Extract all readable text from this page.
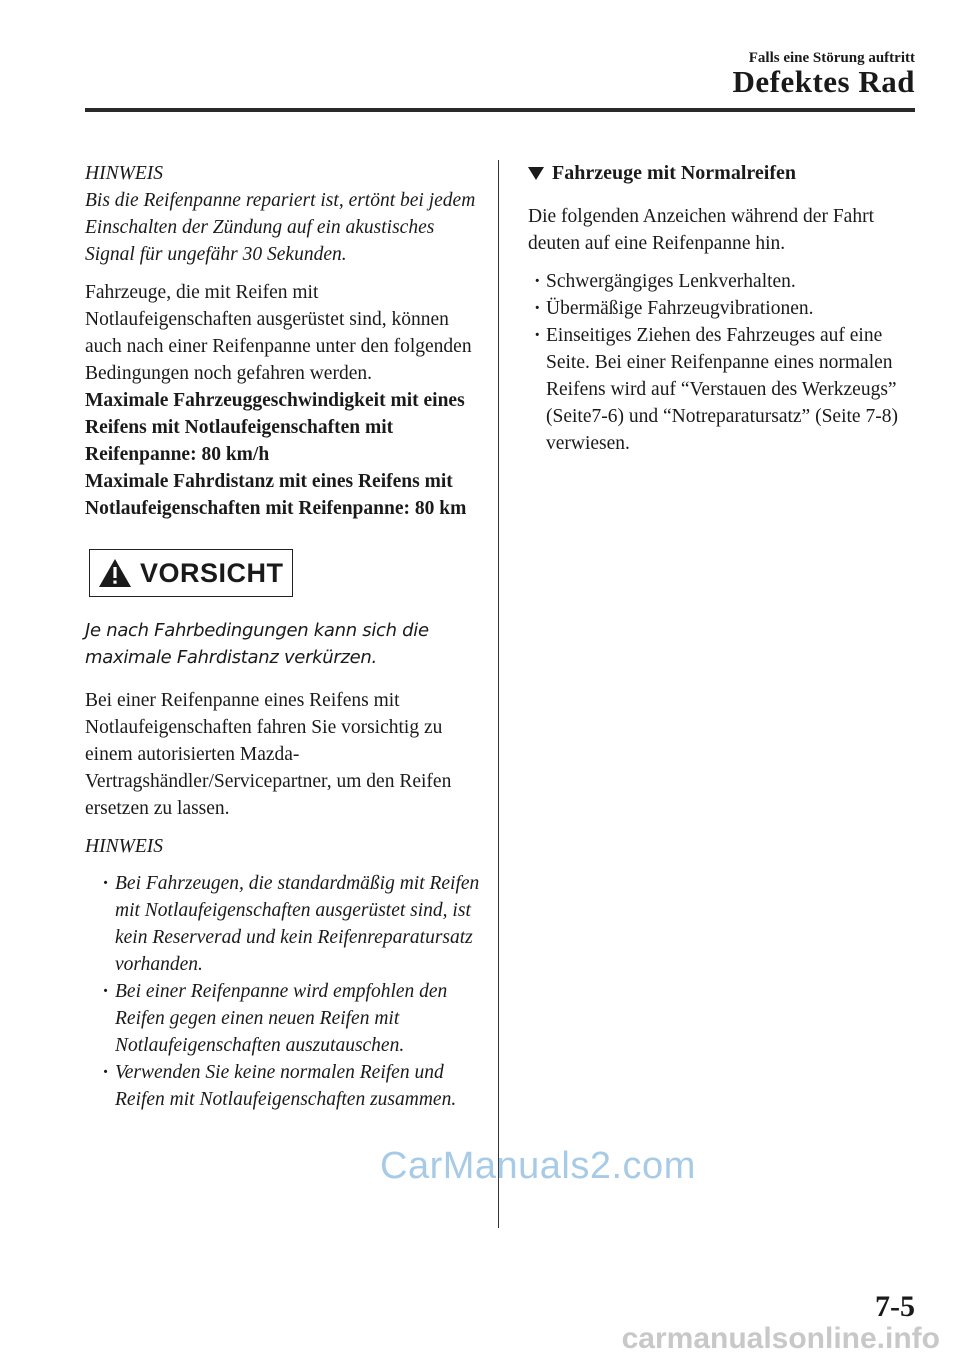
Falls eine Störung auftritt
Defektes Rad

HINWEIS
Bis die Reifenpanne repariert ist, ertönt bei jedem Einschalten der Zündung auf ein akustisches Signal für ungefähr 30 Sekunden.

Fahrzeuge, die mit Reifen mit Notlaufeigenschaften ausgerüstet sind, können auch nach einer Reifenpanne unter den folgenden Bedingungen noch gefahren werden.
Maximale Fahrzeuggeschwindigkeit mit eines Reifens mit Notlaufeigenschaften mit Reifenpanne: 80 km/h
Maximale Fahrdistanz mit eines Reifens mit Notlaufeigenschaften mit Reifenpanne: 80 km

VORSICHT

Je nach Fahrbedingungen kann sich die maximale Fahrdistanz verkürzen.

Bei einer Reifenpanne eines Reifens mit Notlaufeigenschaften fahren Sie vorsichtig zu einem autorisierten Mazda-Vertragshändler/Servicepartner, um den Reifen ersetzen zu lassen.

HINWEIS
· Bei Fahrzeugen, die standardmäßig mit Reifen mit Notlaufeigenschaften ausgerüstet sind, ist kein Reserverad und kein Reifenreparatursatz vorhanden.
· Bei einer Reifenpanne wird empfohlen den Reifen gegen einen neuen Reifen mit Notlaufeigenschaften auszutauschen.
· Verwenden Sie keine normalen Reifen und Reifen mit Notlaufeigenschaften zusammen.
Fahrzeuge mit Normalreifen

Die folgenden Anzeichen während der Fahrt deuten auf eine Reifenpanne hin.

· Schwergängiges Lenkverhalten.
· Übermäßige Fahrzeugvibrationen.
· Einseitiges Ziehen des Fahrzeuges auf eine Seite. Bei einer Reifenpanne eines normalen Reifens wird auf “Verstauen des Werkzeugs” (Seite7-6) und “Notreparatursatz” (Seite 7-8) verwiesen.
CarManuals2.com
7-5
carmanualsonline.info
